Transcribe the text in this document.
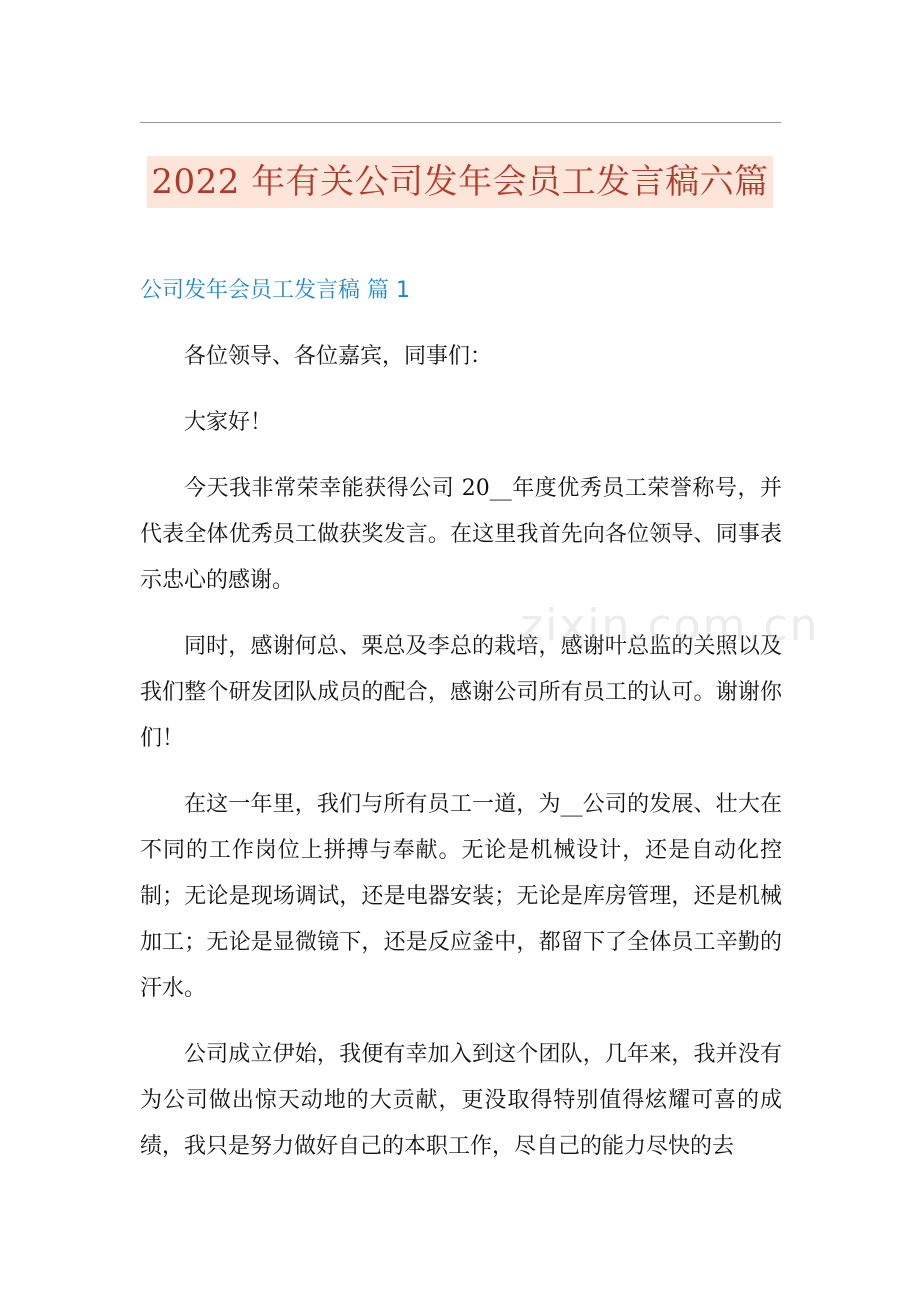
2022 年有关公司发年会员工发言稿六篇
公司发年会员工发言稿 篇 1

各位领导、各位嘉宾，同事们：

大家好！

今天我非常荣幸能获得公司 20__年度优秀员工荣誉称号，并代表全体优秀员工做获奖发言。在这里我首先向各位领导、同事表示忠心的感谢。

同时，感谢何总、栗总及李总的栽培，感谢叶总监的关照以及我们整个研发团队成员的配合，感谢公司所有员工的认可。谢谢你们！

在这一年里，我们与所有员工一道，为__公司的发展、壮大在不同的工作岗位上拼搏与奉献。无论是机械设计，还是自动化控制；无论是现场调试，还是电器安装；无论是库房管理，还是机械加工；无论是显微镜下，还是反应釜中，都留下了全体员工辛勤的汗水。

公司成立伊始，我便有幸加入到这个团队，几年来，我并没有为公司做出惊天动地的大贡献，更没取得特别值得炫耀可喜的成绩，我只是努力做好自己的本职工作，尽自己的能力尽快的去

zixin.com.cn
